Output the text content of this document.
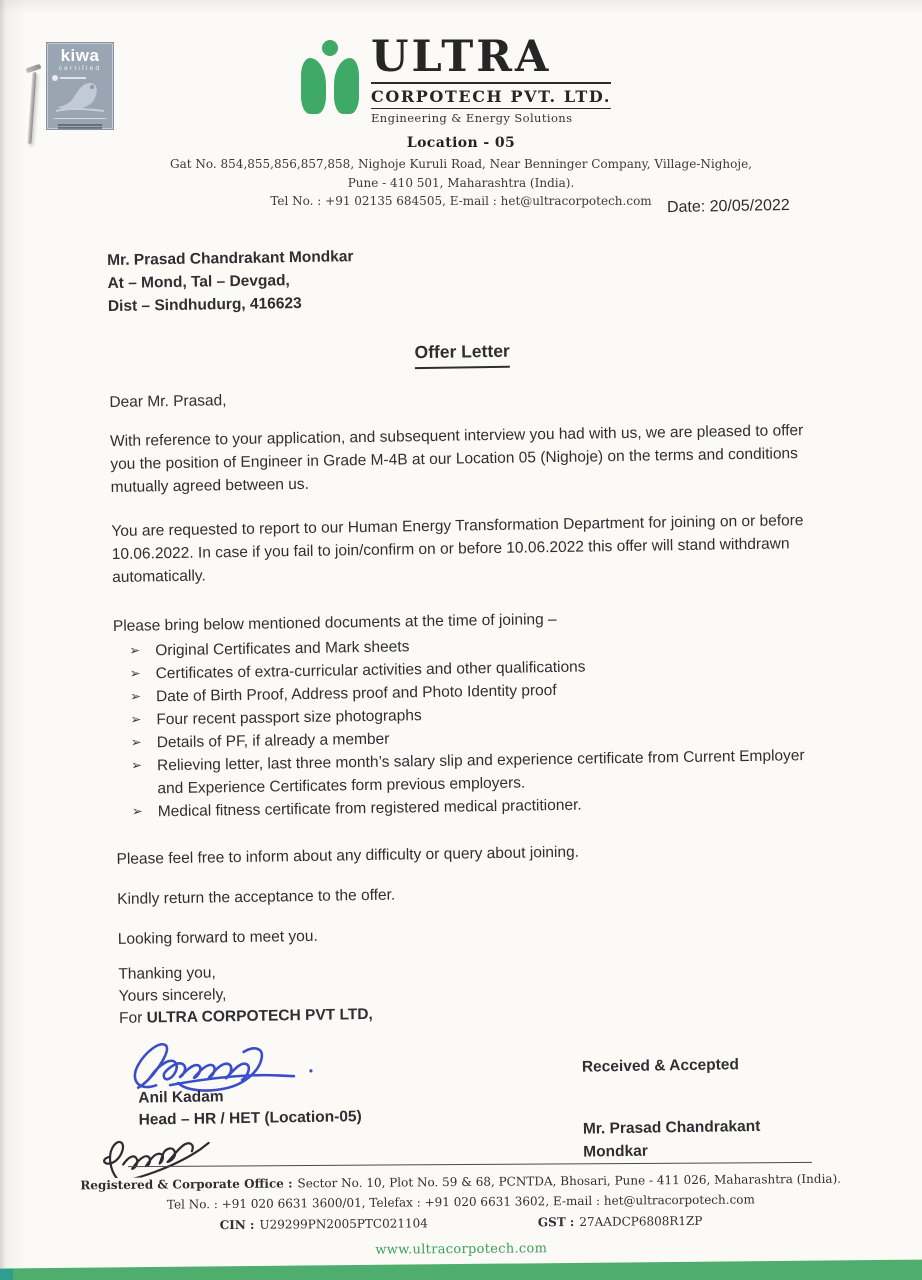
kiwa
certified	ULTRA
CORPOTECH PVT. LTD.
Engineering & Energy Solutions
Location - 05
Gat No. 854,855,856,857,858, Nighoje Kuruli Road, Near Benninger Company, Village-Nighoje,
Pune - 410 501, Maharashtra (India).
Tel No. : +91 02135 684505, E-mail : het@ultracorpotech.com Date: 20/05/2022
Mr. Prasad Chandrakant Mondkar
At – Mond, Tal – Devgad,
Dist – Sindhudurg, 416623
Offer Letter
Dear Mr. Prasad,
With reference to your application, and subsequent interview you had with us, we are pleased to offer you the position of Engineer in Grade M-4B at our Location 05 (Nighoje) on the terms and conditions mutually agreed between us.
You are requested to report to our Human Energy Transformation Department for joining on or before 10.06.2022. In case if you fail to join/confirm on or before 10.06.2022 this offer will stand withdrawn automatically.
Please bring below mentioned documents at the time of joining –
➢ Original Certificates and Mark sheets
➢ Certificates of extra-curricular activities and other qualifications
➢ Date of Birth Proof, Address proof and Photo Identity proof
➢ Four recent passport size photographs
➢ Details of PF, if already a member
➢ Relieving letter, last three month’s salary slip and experience certificate from Current Employer and Experience Certificates form previous employers.
➢ Medical fitness certificate from registered medical practitioner.
Please feel free to inform about any difficulty or query about joining.
Kindly return the acceptance to the offer.
Looking forward to meet you.
Thanking you,
Yours sincerely,
For ULTRA CORPOTECH PVT LTD,
Anil Kadam
Head – HR / HET (Location-05)
Received & Accepted
Mr. Prasad Chandrakant Mondkar
Registered & Corporate Office : Sector No. 10, Plot No. 59 & 68, PCNTDA, Bhosari, Pune - 411 026, Maharashtra (India).
Tel No. : +91 020 6631 3600/01, Telefax : +91 020 6631 3602, E-mail : het@ultracorpotech.com
CIN : U29299PN2005PTC021104	GST : 27AADCP6808R1ZP
www.ultracorpotech.com
